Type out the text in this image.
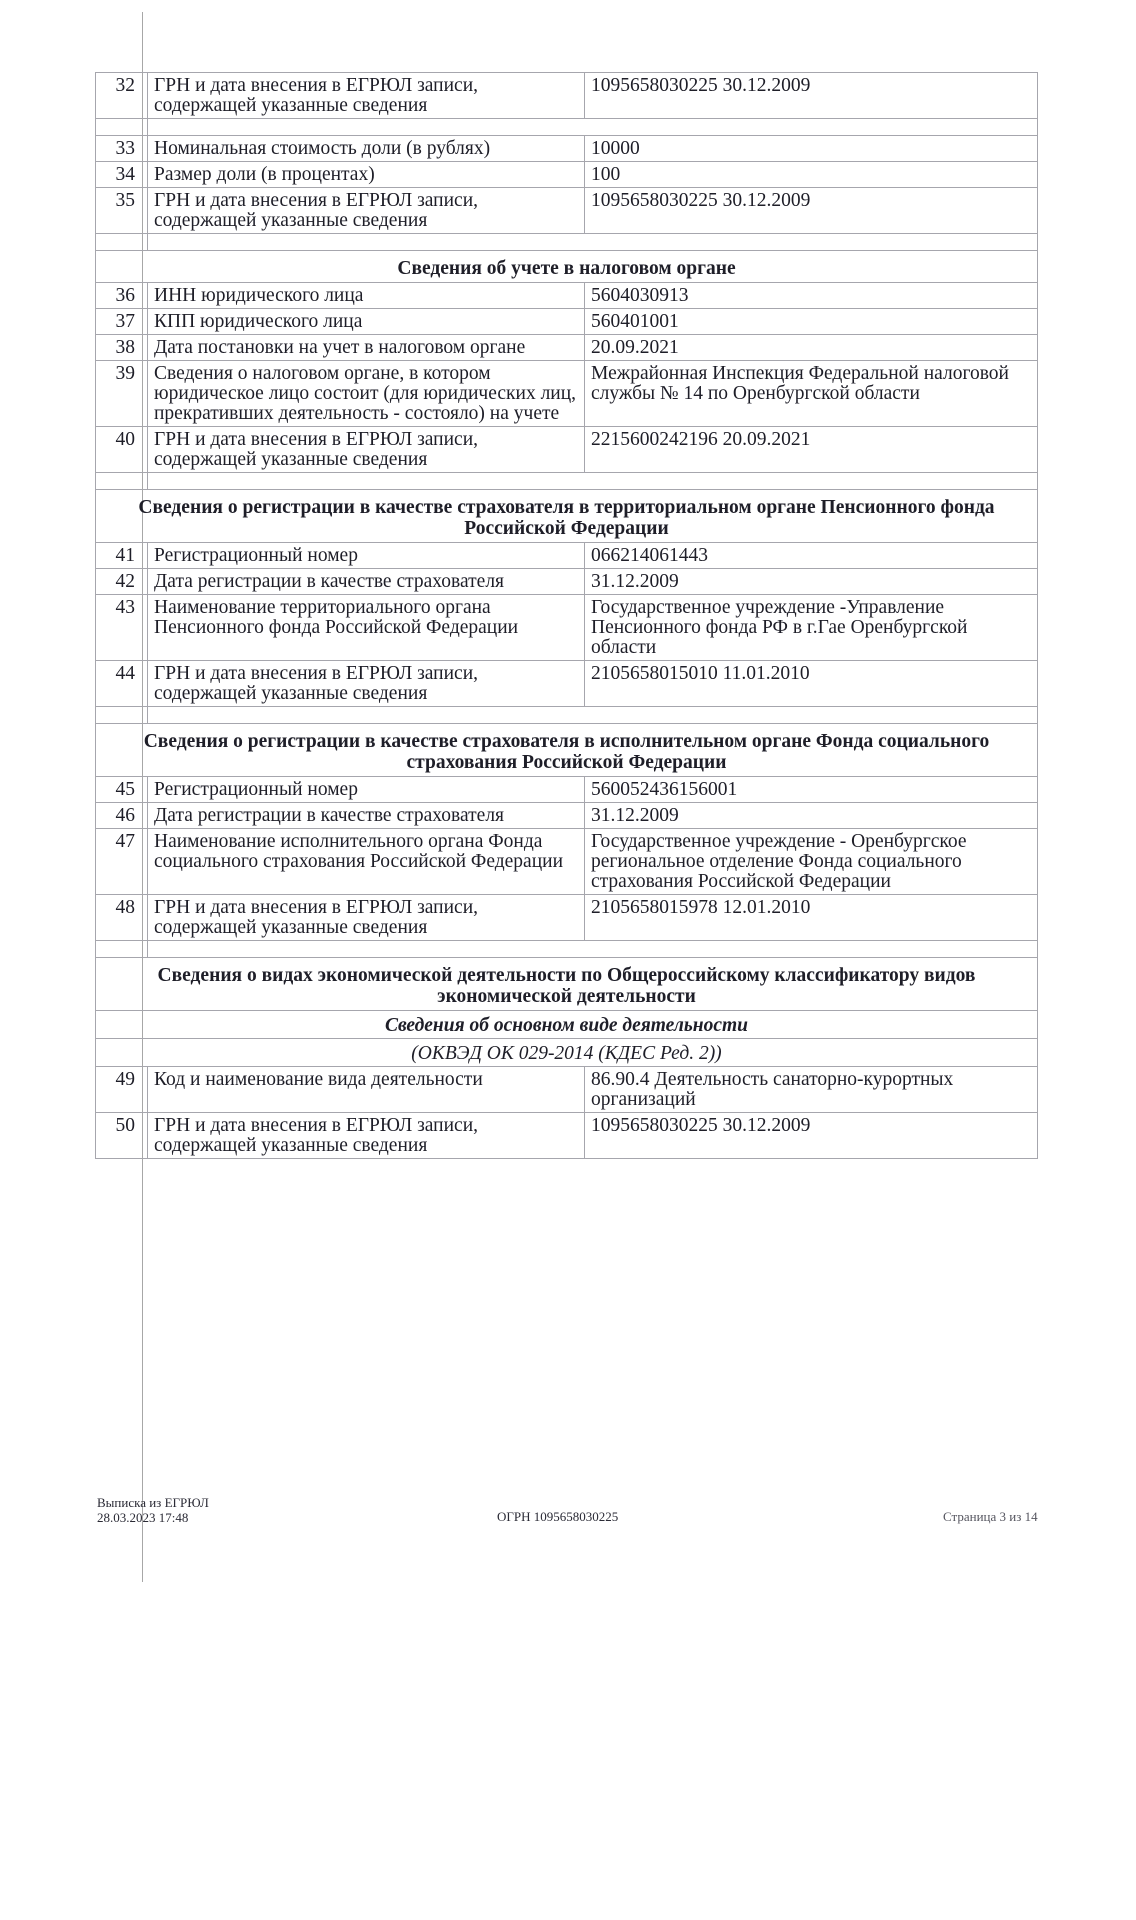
32	ГРН и дата внесения в ЕГРЮЛ записи, содержащей указанные сведения	1095658030225 30.12.2009

33	Номинальная стоимость доли (в рублях)	10000
34	Размер доли (в процентах)	100
35	ГРН и дата внесения в ЕГРЮЛ записи, содержащей указанные сведения	1095658030225 30.12.2009

Сведения об учете в налоговом органе		
36	ИНН юридического лица	5604030913
37	КПП юридического лица	560401001
38	Дата постановки на учет в налоговом органе	20.09.2021
39	Сведения о налоговом органе, в котором юридическое лицо состоит (для юридических лиц, прекративших деятельность - состояло) на учете	Межрайонная Инспекция Федеральной налоговой службы № 14 по Оренбургской области
40	ГРН и дата внесения в ЕГРЮЛ записи, содержащей указанные сведения	2215600242196 20.09.2021

Сведения о регистрации в качестве страхователя в территориальном органе Пенсионного фонда Российской Федерации		
41	Регистрационный номер	066214061443
42	Дата регистрации в качестве страхователя	31.12.2009
43	Наименование территориального органа Пенсионного фонда Российской Федерации	Государственное учреждение -Управление Пенсионного фонда РФ в г.Гае Оренбургской области
44	ГРН и дата внесения в ЕГРЮЛ записи, содержащей указанные сведения	2105658015010 11.01.2010

Сведения о регистрации в качестве страхователя в исполнительном органе Фонда социального страхования Российской Федерации		
45	Регистрационный номер	560052436156001
46	Дата регистрации в качестве страхователя	31.12.2009
47	Наименование исполнительного органа Фонда социального страхования Российской Федерации	Государственное учреждение - Оренбургское региональное отделение Фонда социального страхования Российской Федерации
48	ГРН и дата внесения в ЕГРЮЛ записи, содержащей указанные сведения	2105658015978 12.01.2010

Сведения о видах экономической деятельности по Общероссийскому классификатору видов экономической деятельности		
Сведения об основном виде деятельности		
(ОКВЭД ОК 029-2014 (КДЕС Ред. 2))		
49	Код и наименование вида деятельности	86.90.4 Деятельность санаторно-курортных организаций
50	ГРН и дата внесения в ЕГРЮЛ записи, содержащей указанные сведения	1095658030225 30.12.2009
Выписка из ЕГРЮЛ
28.03.2023 17:48	ОГРН 1095658030225	Страница 3 из 14
